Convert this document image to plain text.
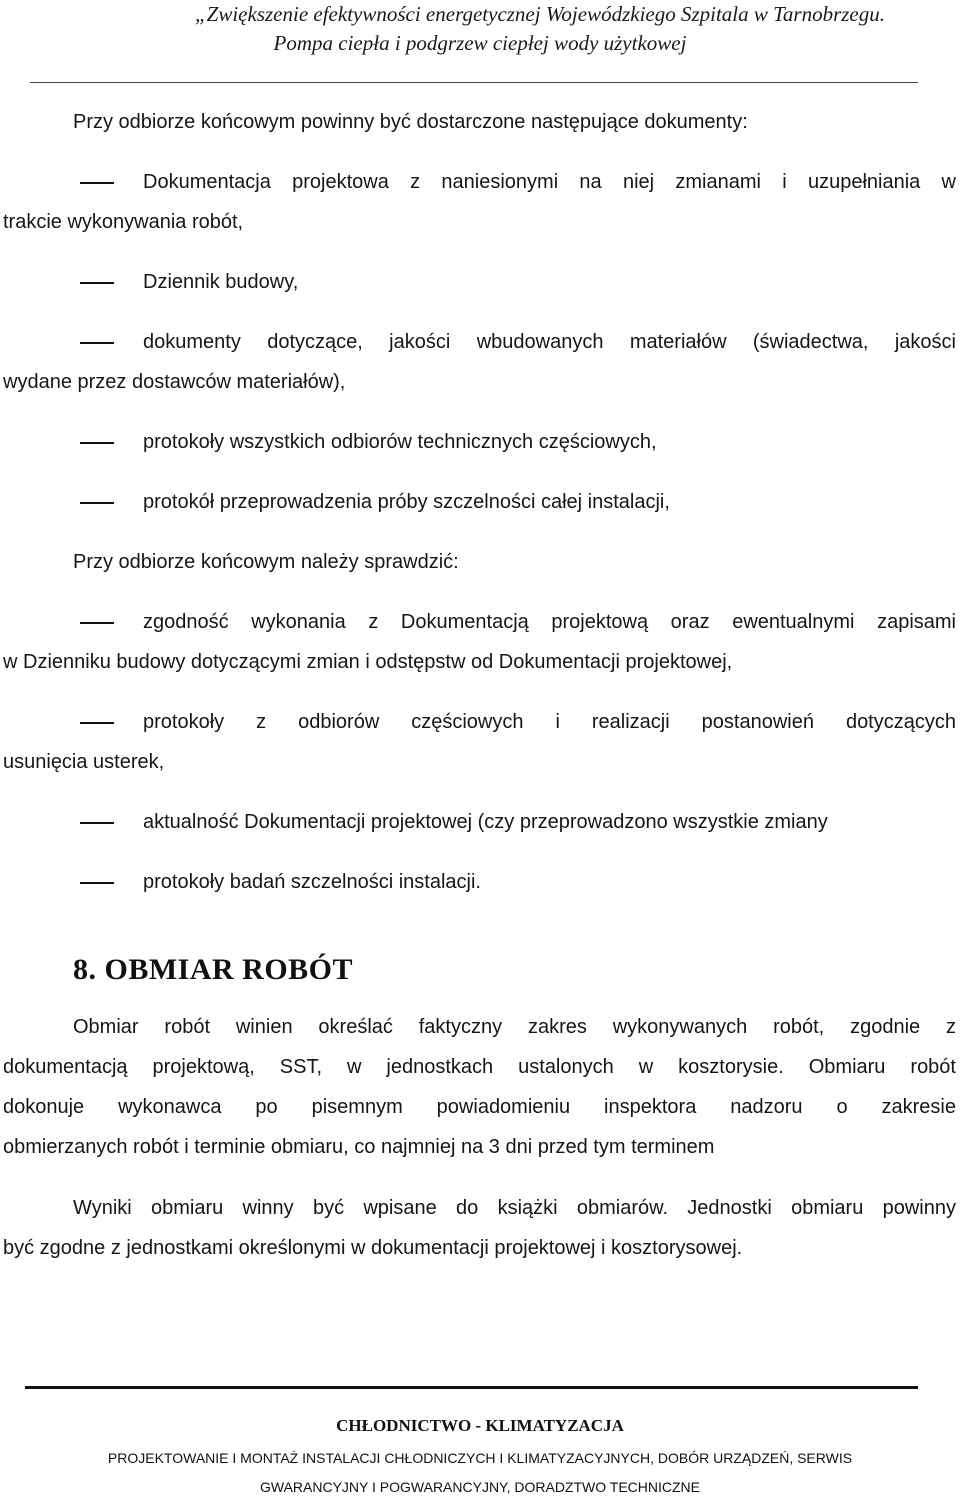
„Zwiększenie efektywności energetycznej Wojewódzkiego Szpitala w Tarnobrzegu.
Pompa ciepła i podgrzew ciepłej wody użytkowej

Przy odbiorze końcowym powinny być dostarczone następujące dokumenty:

Dokumentacja projektowa z naniesionymi na niej zmianami i uzupełniania w

trakcie wykonywania robót,

Dziennik budowy,

dokumenty dotyczące, jakości wbudowanych materiałów (świadectwa, jakości

wydane przez dostawców materiałów),

protokoły wszystkich odbiorów technicznych częściowych,

protokół przeprowadzenia próby szczelności całej instalacji,

Przy odbiorze końcowym należy sprawdzić:

zgodność wykonania z Dokumentacją projektową oraz ewentualnymi zapisami

w Dzienniku budowy dotyczącymi zmian i odstępstw od Dokumentacji projektowej,

protokoły z odbiorów częściowych i realizacji postanowień dotyczących

usunięcia usterek,

aktualność Dokumentacji projektowej (czy przeprowadzono wszystkie zmiany

protokoły badań szczelności instalacji.

8. OBMIAR ROBÓT

Obmiar robót winien określać faktyczny zakres wykonywanych robót, zgodnie z

dokumentacją projektową, SST, w jednostkach ustalonych w kosztorysie. Obmiaru robót

dokonuje wykonawca po pisemnym powiadomieniu inspektora nadzoru o zakresie

obmierzanych robót i terminie obmiaru, co najmniej na 3 dni przed tym terminem

Wyniki obmiaru winny być wpisane do książki obmiarów. Jednostki obmiaru powinny

być zgodne z jednostkami określonymi w dokumentacji projektowej i kosztorysowej.

CHŁODNICTWO - KLIMATYZACJA
PROJEKTOWANIE I MONTAŻ INSTALACJI CHŁODNICZYCH I KLIMATYZACYJNYCH, DOBÓR URZĄDZEŃ, SERWIS
GWARANCYJNY I POGWARANCYJNY, DORADZTWO TECHNICZNE
